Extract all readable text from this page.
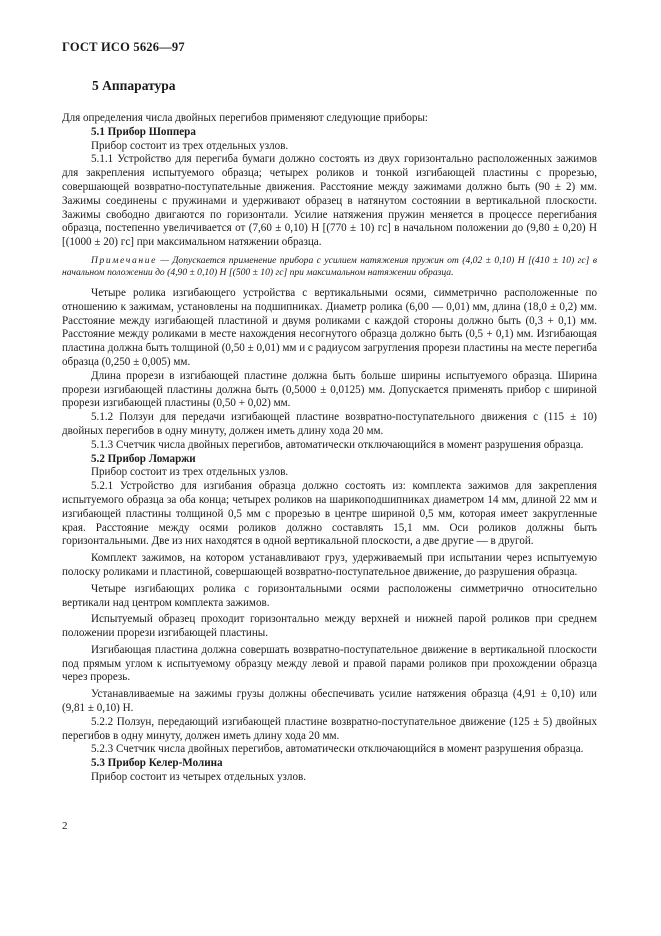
ГОСТ ИСО 5626—97
5 Аппаратура

Для определения числа двойных перегибов применяют следующие приборы:

5.1 Прибор Шоппера

Прибор состоит из трех отдельных узлов.

5.1.1 Устройство для перегиба бумаги должно состоять из двух горизонтально расположенных зажимов для закрепления испытуемого образца; четырех роликов и тонкой изгибающей пластины с прорезью, совершающей возвратно-поступательные движения. Расстояние между зажимами должно быть (90 ± 2) мм. Зажимы соединены с пружинами и удерживают образец в натянутом состоянии в вертикальной плоскости. Зажимы свободно двигаются по горизонтали. Усилие натяжения пружин меняется в процессе перегибания образца, постепенно увеличивается от (7,60 ± 0,10) Н [(770 ± 10) гс] в начальном положении до (9,80 ± 0,20) Н [(1000 ± 20) гс] при максимальном натяжении образца.

Примечание — Допускается применение прибора с усилием натяжения пружин от (4,02 ± 0,10) Н [(410 ± 10) гс] в начальном положении до (4,90 ± 0,10) Н [(500 ± 10) гс] при максимальном натяжении образца.

Четыре ролика изгибающего устройства с вертикальными осями, симметрично расположенные по отношению к зажимам, установлены на подшипниках. Диаметр ролика (6,00 — 0,01) мм, длина (18,0 ± 0,2) мм. Расстояние между изгибающей пластиной и двумя роликами с каждой стороны должно быть (0,3 + 0,1) мм. Расстояние между роликами в месте нахождения несогнутого образца должно быть (0,5 + 0,1) мм. Изгибающая пластина должна быть толщиной (0,50 ± 0,01) мм и с радиусом загругления прорези пластины на месте перегиба образца (0,250 ± 0,005) мм.

Длина прорези в изгибающей пластине должна быть больше ширины испытуемого образца. Ширина прорези изгибающей пластины должна быть (0,5000 ± 0,0125) мм. Допускается применять прибор с шириной прорези изгибающей пластины (0,50 + 0,02) мм.

5.1.2 Ползуи для передачи изгибающей пластине возвратно-поступательного движения с (115 ± 10) двойных перегибов в одну минуту, должен иметь длину хода 20 мм.

5.1.3 Счетчик числа двойных перегибов, автоматически отключающийся в момент разрушения образца.

5.2 Прибор Ломаржи

Прибор состоит из трех отдельных узлов.

5.2.1 Устройство для изгибания образца должно состоять из: комплекта зажимов для закрепления испытуемого образца за оба конца; четырех роликов на шарикоподшипниках диаметром 14 мм, длиной 22 мм и изгибающей пластины толщиной 0,5 мм с прорезью в центре шириной 0,5 мм, которая имеет закругленные края. Расстояние между осями роликов должно составлять 15,1 мм. Оси роликов должны быть горизонтальными. Две из них находятся в одной вертикальной плоскости, а две другие — в другой.

Комплект зажимов, на котором устанавливают груз, удерживаемый при испытании через испытуемую полоску роликами и пластиной, совершающей возвратно-поступательное движение, до разрушения образца.

Четыре изгибающих ролика с горизонтальными осями расположены симметрично относительно вертикали над центром комплекта зажимов.

Испытуемый образец проходит горизонтально между верхней и нижней парой роликов при среднем положении прорези изгибающей пластины.

Изгибающая пластина должна совершать возвратно-поступательное движение в вертикальной плоскости под прямым углом к испытуемому образцу между левой и правой парами роликов при прохождении образца через прорезь.

Устанавливаемые на зажимы грузы должны обеспечивать усилие натяжения образца (4,91 ± 0,10) или (9,81 ± 0,10) Н.

5.2.2 Ползун, передающий изгибающей пластине возвратно-поступательное движение (125 ± 5) двойных перегибов в одну минуту, должен иметь длину хода 20 мм.

5.2.3 Счетчик числа двойных перегибов, автоматически отключающийся в момент разрушения образца.

5.3 Прибор Келер-Молина

Прибор состоит из четырех отдельных узлов.

2
